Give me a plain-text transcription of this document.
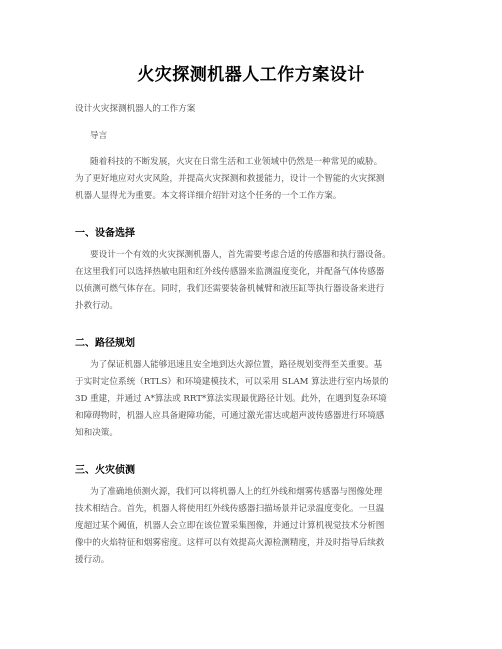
火灾探测机器人工作方案设计
设计火灾探测机器人的工作方案
导言
随着科技的不断发展，火灾在日常生活和工业领域中仍然是一种常见的威胁。
为了更好地应对火灾风险，并提高火灾探测和救援能力，设计一个智能的火灾探测
机器人显得尤为重要。本文将详细介绍针对这个任务的一个工作方案。
一、设备选择
要设计一个有效的火灾探测机器人，首先需要考虑合适的传感器和执行器设备。
在这里我们可以选择热敏电阻和红外线传感器来监测温度变化，并配备气体传感器
以侦测可燃气体存在。同时，我们还需要装备机械臂和液压缸等执行器设备来进行
扑救行动。
二、路径规划
为了保证机器人能够迅速且安全地到达火源位置，路径规划变得至关重要。基
于实时定位系统（RTLS）和环境建模技术，可以采用 SLAM 算法进行室内场景的
3D 重建，并通过 A*算法或 RRT*算法实现最优路径计划。此外，在遇到复杂环境
和障碍物时，机器人应具备避障功能，可通过激光雷达或超声波传感器进行环境感
知和决策。
三、火灾侦测
为了准确地侦测火源，我们可以将机器人上的红外线和烟雾传感器与图像处理
技术相结合。首先，机器人将使用红外线传感器扫描场景并记录温度变化。一旦温
度超过某个阈值，机器人会立即在该位置采集图像，并通过计算机视觉技术分析图
像中的火焰特征和烟雾密度。这样可以有效提高火源检测精度，并及时指导后续救
援行动。
